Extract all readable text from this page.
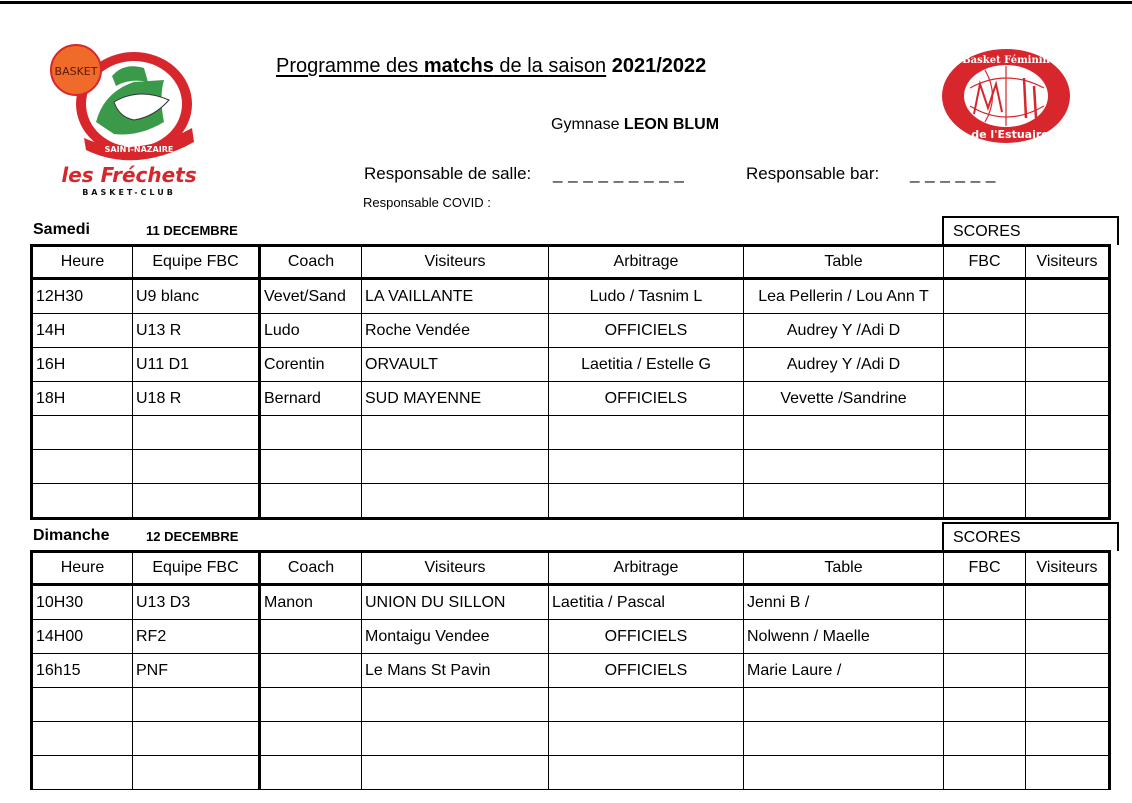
BASKET
SAINT-NAZAIRE
les Fréchets
BASKET-CLUB
Basket Féminin
de l'Estuaire
Programme des matchs de la saison 2021/2022
Gymnase LEON BLUM
Responsable de salle: _ _ _ _ _ _ _ _ _	Responsable bar: _ _ _ _ _ _
Responsable COVID :
Samedi	11 DECEMBRE	SCORES
Heure	Equipe FBC	Coach	Visiteurs	Arbitrage	Table	FBC	Visiteurs
12H30	U9 blanc	Vevet/Sand	LA VAILLANTE	Ludo / Tasnim L	Lea Pellerin / Lou Ann T		
14H	U13 R	Ludo	Roche Vendée	OFFICIELS	Audrey Y /Adi D		
16H	U11 D1	Corentin	ORVAULT	Laetitia / Estelle G	Audrey Y /Adi D		
18H	U18 R	Bernard	SUD MAYENNE	OFFICIELS	Vevette /Sandrine		

Dimanche	12 DECEMBRE	SCORES
Heure	Equipe FBC	Coach	Visiteurs	Arbitrage	Table	FBC	Visiteurs
10H30	U13 D3	Manon	UNION DU SILLON	Laetitia / Pascal	Jenni B /		
14H00	RF2		Montaigu Vendee	OFFICIELS	Nolwenn / Maelle		
16h15	PNF		Le Mans St Pavin	OFFICIELS	Marie Laure /		
